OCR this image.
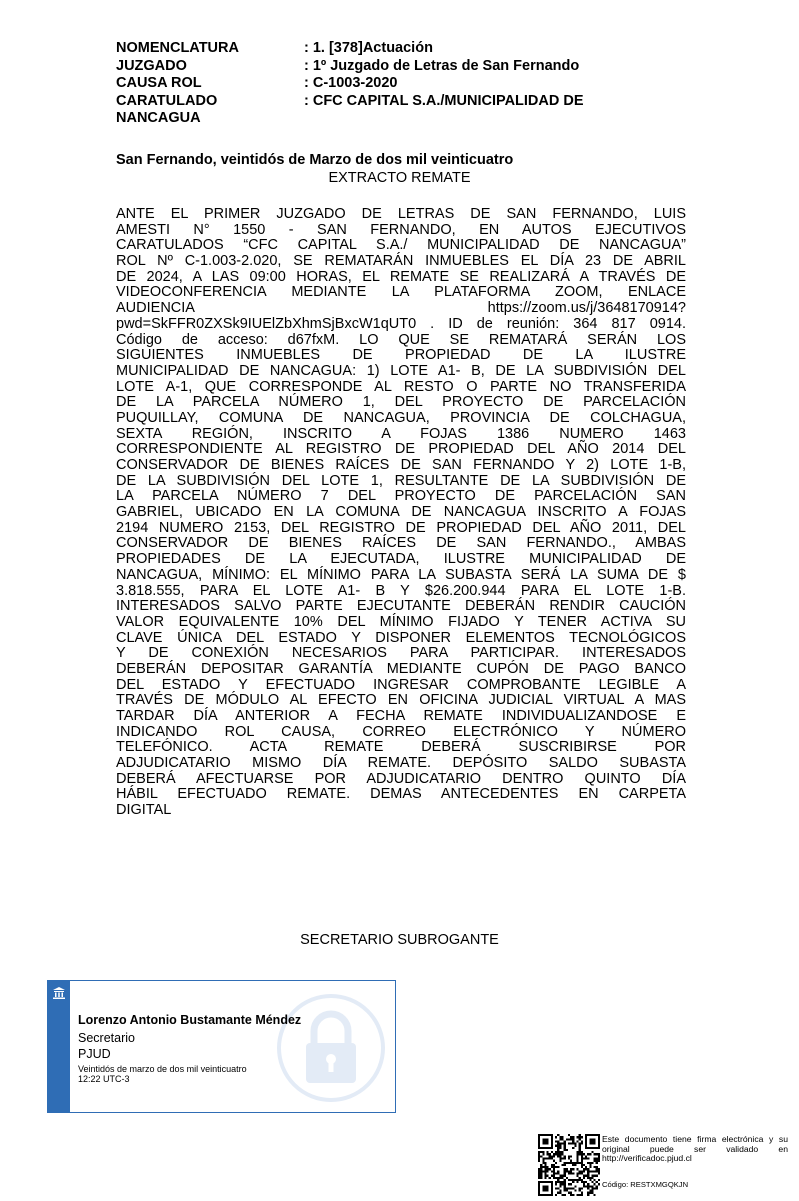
NOMENCLATURA	: 1. [378]Actuación
JUZGADO	: 1º Juzgado de Letras de San Fernando
CAUSA ROL	: C-1003-2020
CARATULADO	: CFC CAPITAL S.A./MUNICIPALIDAD DE
NANCAGUA
San Fernando, veintidós de Marzo de dos mil veinticuatro
EXTRACTO REMATE
ANTE EL PRIMER JUZGADO DE LETRAS DE SAN FERNANDO, LUIS
AMESTI N° 1550 - SAN FERNANDO, EN AUTOS EJECUTIVOS
CARATULADOS “CFC CAPITAL S.A./ MUNICIPALIDAD DE NANCAGUA”
ROL Nº C-1.003-2.020, SE REMATARÁN INMUEBLES EL DÍA 23 DE ABRIL
DE 2024, A LAS 09:00 HORAS, EL REMATE SE REALIZARÁ A TRAVÉS DE
VIDEOCONFERENCIA MEDIANTE LA PLATAFORMA ZOOM, ENLACE
AUDIENCIA https://zoom.us/j/3648170914?
pwd=SkFFR0ZXSk9IUElZbXhmSjBxcW1qUT0 . ID de reunión: 364 817 0914.
Código de acceso: d67fxM. LO QUE SE REMATARÁ SERÁN LOS
SIGUIENTES INMUEBLES DE PROPIEDAD DE LA ILUSTRE
MUNICIPALIDAD DE NANCAGUA: 1) LOTE A1- B, DE LA SUBDIVISIÓN DEL
LOTE A-1, QUE CORRESPONDE AL RESTO O PARTE NO TRANSFERIDA
DE LA PARCELA NÚMERO 1, DEL PROYECTO DE PARCELACIÓN
PUQUILLAY, COMUNA DE NANCAGUA, PROVINCIA DE COLCHAGUA,
SEXTA REGIÓN, INSCRITO A FOJAS 1386 NUMERO 1463
CORRESPONDIENTE AL REGISTRO DE PROPIEDAD DEL AÑO 2014 DEL
CONSERVADOR DE BIENES RAÍCES DE SAN FERNANDO Y 2) LOTE 1-B,
DE LA SUBDIVISIÓN DEL LOTE 1, RESULTANTE DE LA SUBDIVISIÓN DE
LA PARCELA NÚMERO 7 DEL PROYECTO DE PARCELACIÓN SAN
GABRIEL, UBICADO EN LA COMUNA DE NANCAGUA INSCRITO A FOJAS
2194 NUMERO 2153, DEL REGISTRO DE PROPIEDAD DEL AÑO 2011, DEL
CONSERVADOR DE BIENES RAÍCES DE SAN FERNANDO., AMBAS
PROPIEDADES DE LA EJECUTADA, ILUSTRE MUNICIPALIDAD DE
NANCAGUA, MÍNIMO: EL MÍNIMO PARA LA SUBASTA SERÁ LA SUMA DE $
3.818.555, PARA EL LOTE A1- B Y $26.200.944 PARA EL LOTE 1-B.
INTERESADOS SALVO PARTE EJECUTANTE DEBERÁN RENDIR CAUCIÓN
VALOR EQUIVALENTE 10% DEL MÍNIMO FIJADO Y TENER ACTIVA SU
CLAVE ÚNICA DEL ESTADO Y DISPONER ELEMENTOS TECNOLÓGICOS
Y DE CONEXIÓN NECESARIOS PARA PARTICIPAR. INTERESADOS
DEBERÁN DEPOSITAR GARANTÍA MEDIANTE CUPÓN DE PAGO BANCO
DEL ESTADO Y EFECTUADO INGRESAR COMPROBANTE LEGIBLE A
TRAVÉS DE MÓDULO AL EFECTO EN OFICINA JUDICIAL VIRTUAL A MAS
TARDAR DÍA ANTERIOR A FECHA REMATE INDIVIDUALIZANDOSE E
INDICANDO ROL CAUSA, CORREO ELECTRÓNICO Y NÚMERO
TELEFÓNICO. ACTA REMATE DEBERÁ SUSCRIBIRSE POR
ADJUDICATARIO MISMO DÍA REMATE. DEPÓSITO SALDO SUBASTA
DEBERÁ AFECTUARSE POR ADJUDICATARIO DENTRO QUINTO DÍA
HÁBIL EFECTUADO REMATE. DEMAS ANTECEDENTES EN CARPETA
DIGITAL
SECRETARIO SUBROGANTE
Lorenzo Antonio Bustamante Méndez
Secretario
PJUD
Veintidós de marzo de dos mil veinticuatro
12:22 UTC-3
Este documento tiene firma electrónica y su original puede ser validado en http://verificadoc.pjud.cl
Código: RESTXMGQKJN
